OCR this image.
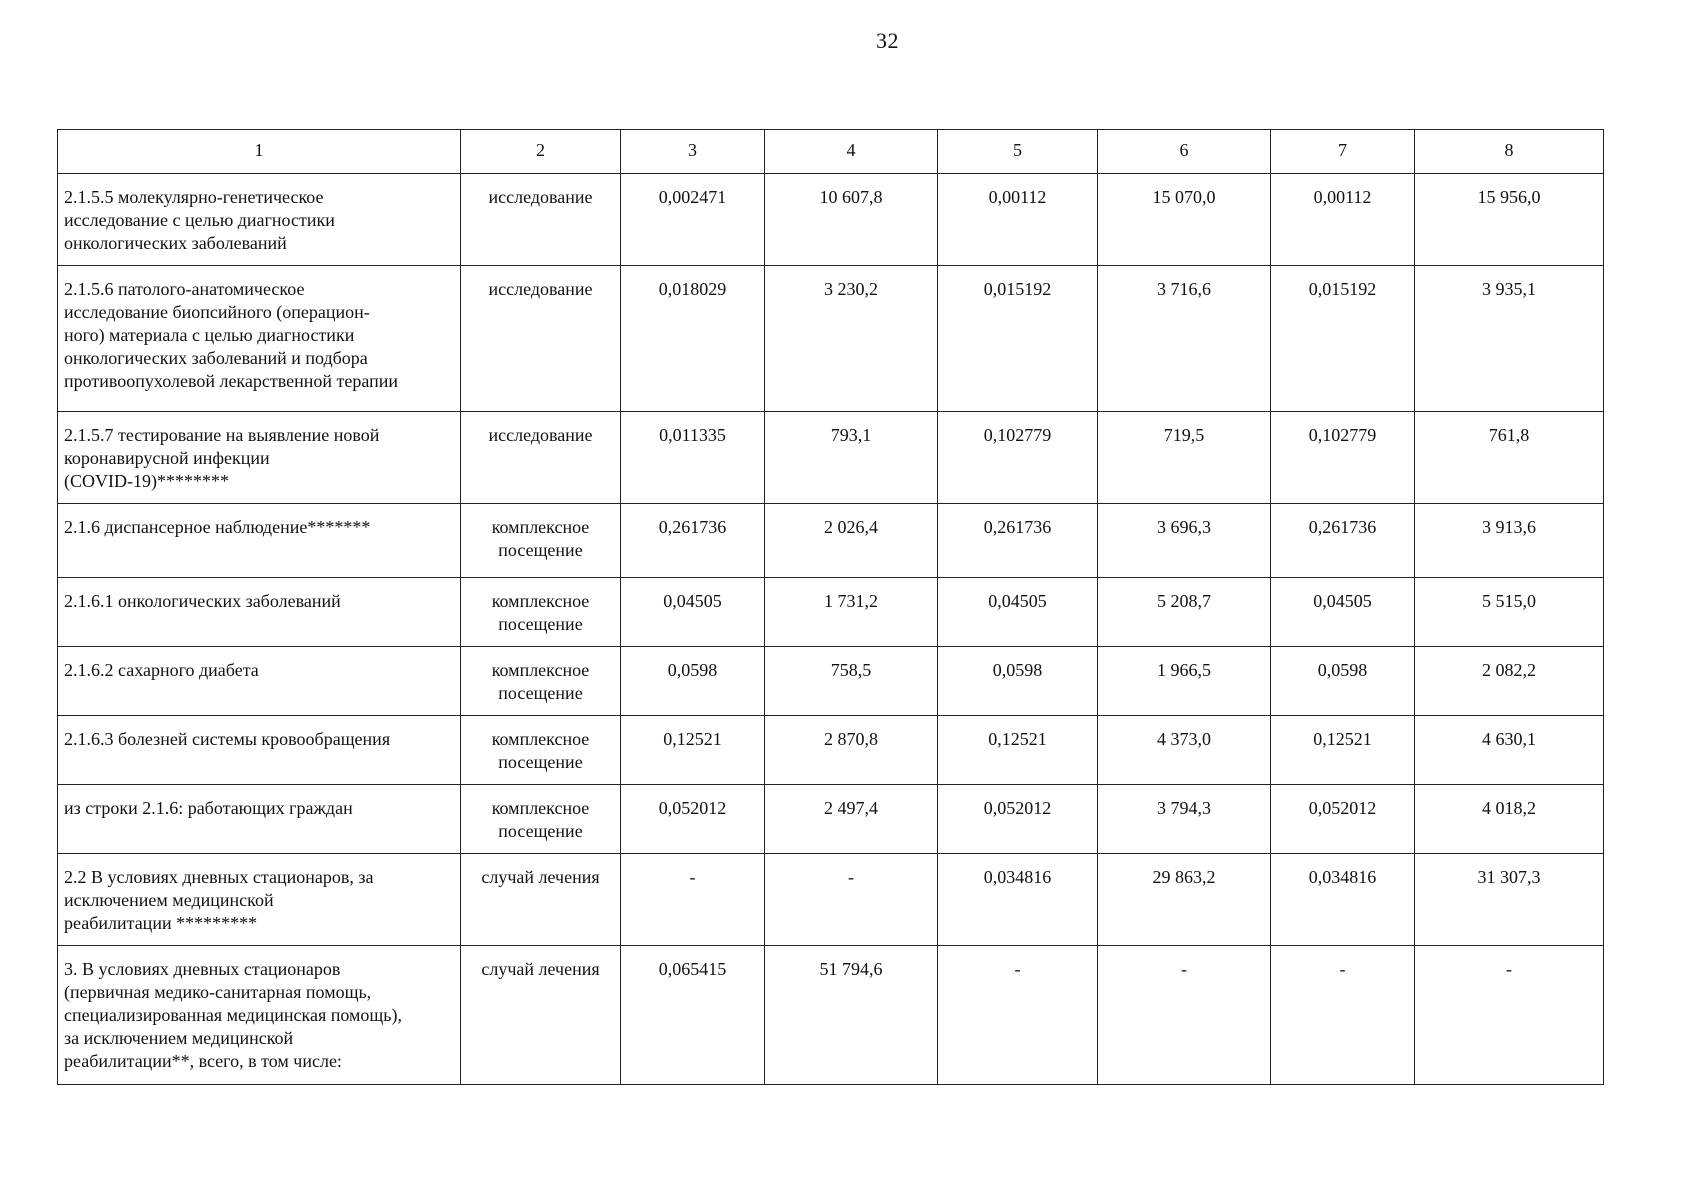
32
1	2	3	4	5	6	7	8
2.1.5.5 молекулярно-генетическое
исследование с целью диагностики
онкологических заболеваний	исследование	0,002471	10 607,8	0,00112	15 070,0	0,00112	15 956,0
2.1.5.6 патолого-анатомическое
исследование биопсийного (операцион-
ного) материала с целью диагностики
онкологических заболеваний и подбора
противоопухолевой лекарственной терапии	исследование	0,018029	3 230,2	0,015192	3 716,6	0,015192	3 935,1
2.1.5.7 тестирование на выявление новой
коронавирусной инфекции
(COVID-19)********	исследование	0,011335	793,1	0,102779	719,5	0,102779	761,8
2.1.6 диспансерное наблюдение*******	комплексное
посещение	0,261736	2 026,4	0,261736	3 696,3	0,261736	3 913,6
2.1.6.1 онкологических заболеваний	комплексное
посещение	0,04505	1 731,2	0,04505	5 208,7	0,04505	5 515,0
2.1.6.2 сахарного диабета	комплексное
посещение	0,0598	758,5	0,0598	1 966,5	0,0598	2 082,2
2.1.6.3 болезней системы кровообращения	комплексное
посещение	0,12521	2 870,8	0,12521	4 373,0	0,12521	4 630,1
из строки 2.1.6: работающих граждан	комплексное
посещение	0,052012	2 497,4	0,052012	3 794,3	0,052012	4 018,2
2.2 В условиях дневных стационаров, за
исключением медицинской
реабилитации *********	случай лечения	-	-	0,034816	29 863,2	0,034816	31 307,3
3. В условиях дневных стационаров
(первичная медико-санитарная помощь,
специализированная медицинская помощь),
за исключением медицинской
реабилитации**, всего, в том числе:	случай лечения	0,065415	51 794,6	-	-	-	-
